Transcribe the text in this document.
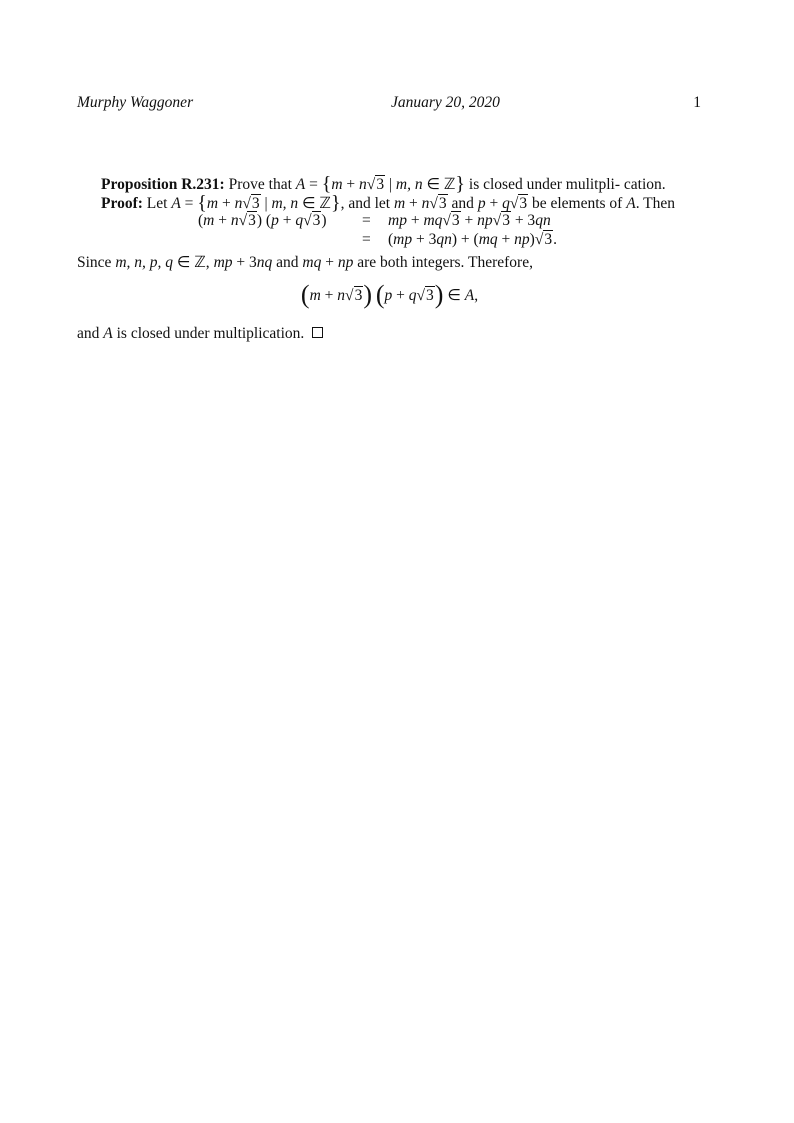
Murphy Waggoner	January 20, 2020	1

Proposition R.231: Prove that A = {m + n√3 | m, n ∈ ℤ} is closed under mulitpli- cation.

Proof: Let A = {m + n√3 | m, n ∈ ℤ}, and let m + n√3 and p + q√3 be elements of A. Then

(m + n√3) (p + q√3) = mp + mq√3 + np√3 + 3qn
= (mp + 3qn) + (mq + np)√3.

Since m, n, p, q ∈ ℤ, mp + 3nq and mq + np are both integers. Therefore,

(m + n√3) (p + q√3) ∈ A,

and A is closed under multiplication.
